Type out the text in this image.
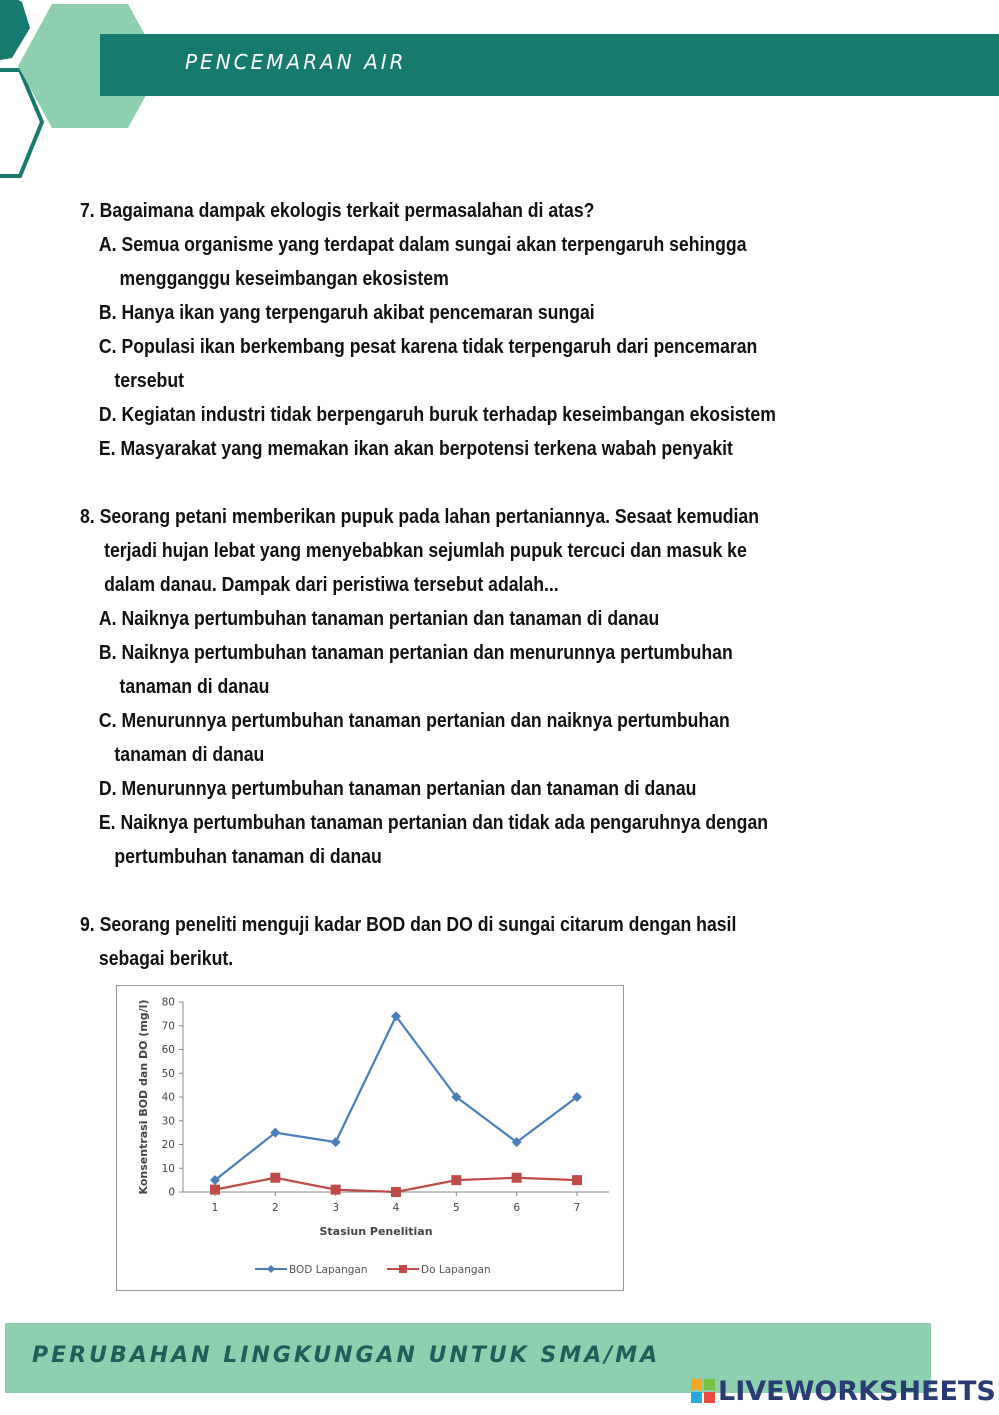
PENCEMARAN AIR

7. Bagaimana dampak ekologis terkait permasalahan di atas?

A. Semua organisme yang terdapat dalam sungai akan terpengaruh sehingga
mengganggu keseimbangan ekosistem
B. Hanya ikan yang terpengaruh akibat pencemaran sungai
C. Populasi ikan berkembang pesat karena tidak terpengaruh dari pencemaran
tersebut
D. Kegiatan industri tidak berpengaruh buruk terhadap keseimbangan ekosistem
E. Masyarakat yang memakan ikan akan berpotensi terkena wabah penyakit

8. Seorang petani memberikan pupuk pada lahan pertaniannya. Sesaat kemudian
terjadi hujan lebat yang menyebabkan sejumlah pupuk tercuci dan masuk ke
dalam danau. Dampak dari peristiwa tersebut adalah...

A. Naiknya pertumbuhan tanaman pertanian dan tanaman di danau
B. Naiknya pertumbuhan tanaman pertanian dan menurunnya pertumbuhan
tanaman di danau
C. Menurunnya pertumbuhan tanaman pertanian dan naiknya pertumbuhan
tanaman di danau
D. Menurunnya pertumbuhan tanaman pertanian dan tanaman di danau
E. Naiknya pertumbuhan tanaman pertanian dan tidak ada pengaruhnya dengan
pertumbuhan tanaman di danau

9. Seorang peneliti menguji kadar BOD dan DO di sungai citarum dengan hasil
sebagai berikut.

0
10
20
30
40
50
60
70
80
1	2	3	4	5	6	7
Stasiun Penelitian
Konsentrasi BOD dan DO (mg/l)
BOD Lapangan	Do Lapangan
PERUBAHAN LINGKUNGAN UNTUK SMA/MA
LIVEWORKSHEETS
